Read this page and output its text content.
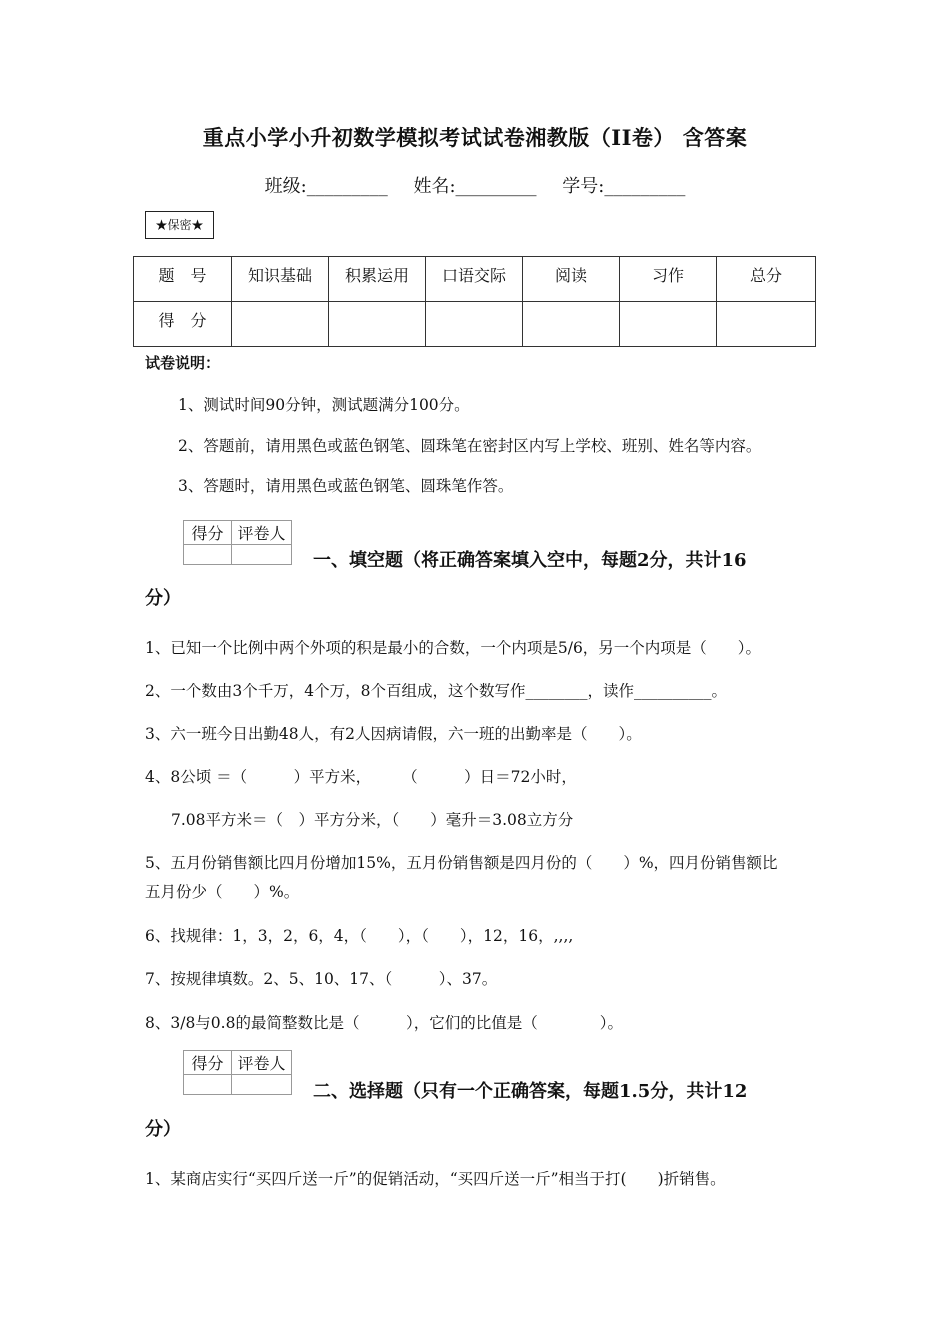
重点小学小升初数学模拟考试试卷湘教版（II卷） 含答案
班级:_________ 姓名:_________ 学号:_________
★保密★
题　号	知识基础	积累运用	口语交际	阅读	习作	总分
得　分						
试卷说明：
1、测试时间90分钟，测试题满分100分。
2、答题前，请用黑色或蓝色钢笔、圆珠笔在密封区内写上学校、班别、姓名等内容。
3、答题时，请用黑色或蓝色钢笔、圆珠笔作答。
得分	评卷人

一、填空题（将正确答案填入空中，每题2分，共计16
分）
1、已知一个比例中两个外项的积是最小的合数，一个内项是5/6，另一个内项是（　　）。
2、一个数由3个千万，4个万，8个百组成，这个数写作________，读作__________。
3、六一班今日出勤48人，有2人因病请假，六一班的出勤率是（　　）。
4、8公顷 ＝（　　　）平方米，　　　（　　　）日＝72小时，
7.08平方米＝（　）平方分米，（　　）毫升＝3.08立方分
5、五月份销售额比四月份增加15%，五月份销售额是四月份的（　　）%，四月份销售额比
五月份少（　　）%。
6、找规律：1，3，2，6，4，（　　），（　　），12，16，,,,,
7、按规律填数。2、5、10、17、（　　　）、37。
8、3/8与0.8的最简整数比是（　　　），它们的比值是（　　　　）。
得分	评卷人

二、选择题（只有一个正确答案，每题1.5分，共计12
分）
1、某商店实行“买四斤送一斤”的促销活动，“买四斤送一斤”相当于打(　　)折销售。
